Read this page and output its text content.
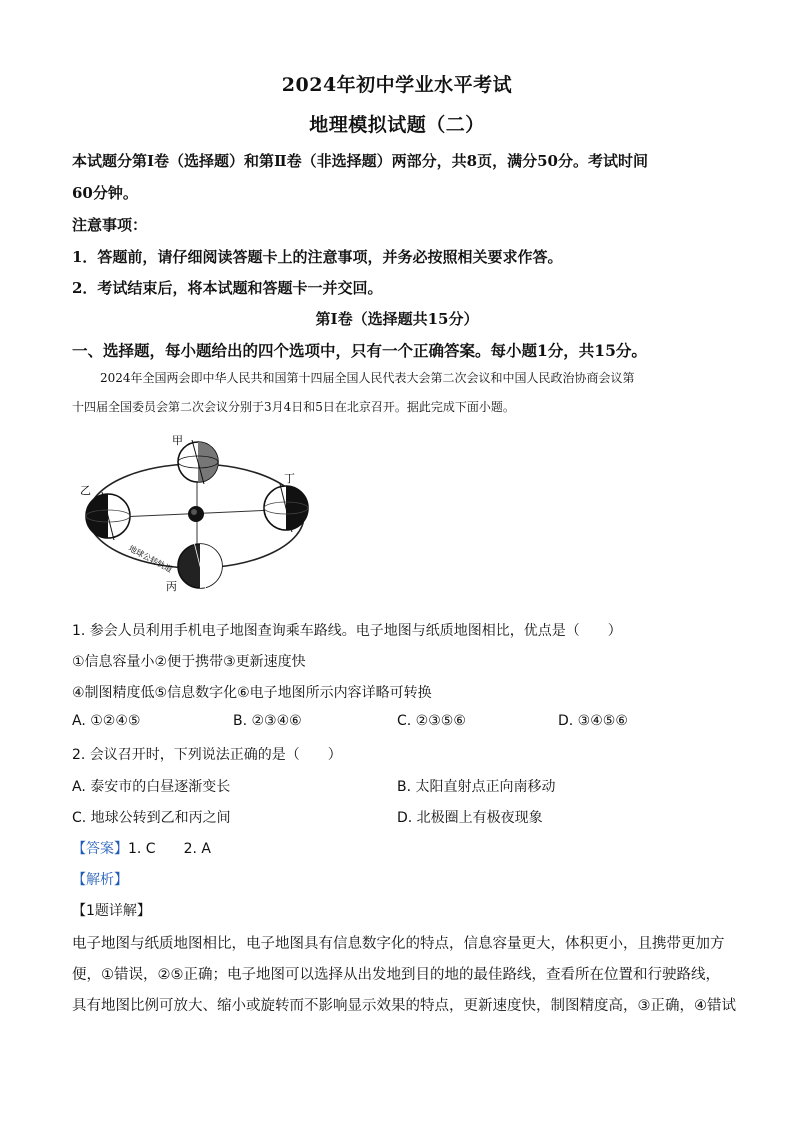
2024年初中学业水平考试
地理模拟试题（二）
本试题分第Ⅰ卷（选择题）和第Ⅱ卷（非选择题）两部分，共8页，满分50分。考试时间
60分钟。
注意事项：
1．答题前，请仔细阅读答题卡上的注意事项，并务必按照相关要求作答。
2．考试结束后，将本试题和答题卡一并交回。
第Ⅰ卷（选择题共15分）
一、选择题，每小题给出的四个选项中，只有一个正确答案。每小题1分，共15分。
2024年全国两会即中华人民共和国第十四届全国人民代表大会第二次会议和中国人民政治协商会议第
十四届全国委员会第二次会议分别于3月4日和5日在北京召开。据此完成下面小题。
甲
乙
丁
丙
地球公转轨道
1. 参会人员利用手机电子地图查询乘车路线。电子地图与纸质地图相比，优点是（　　）
①信息容量小②便于携带③更新速度快
④制图精度低⑤信息数字化⑥电子地图所示内容详略可转换
A. ①②④⑤	B. ②③④⑥	C. ②③⑤⑥	D. ③④⑤⑥
2. 会议召开时，下列说法正确的是（　　）
A. 泰安市的白昼逐渐变长	B. 太阳直射点正向南移动
C. 地球公转到乙和丙之间	D. 北极圈上有极夜现象
【答案】1. C　　2. A
【解析】
【1题详解】
电子地图与纸质地图相比，电子地图具有信息数字化的特点，信息容量更大，体积更小，且携带更加方
便，①错误，②⑤正确；电子地图可以选择从出发地到目的地的最佳路线，查看所在位置和行驶路线，
具有地图比例可放大、缩小或旋转而不影响显示效果的特点，更新速度快，制图精度高，③正确，④错试
